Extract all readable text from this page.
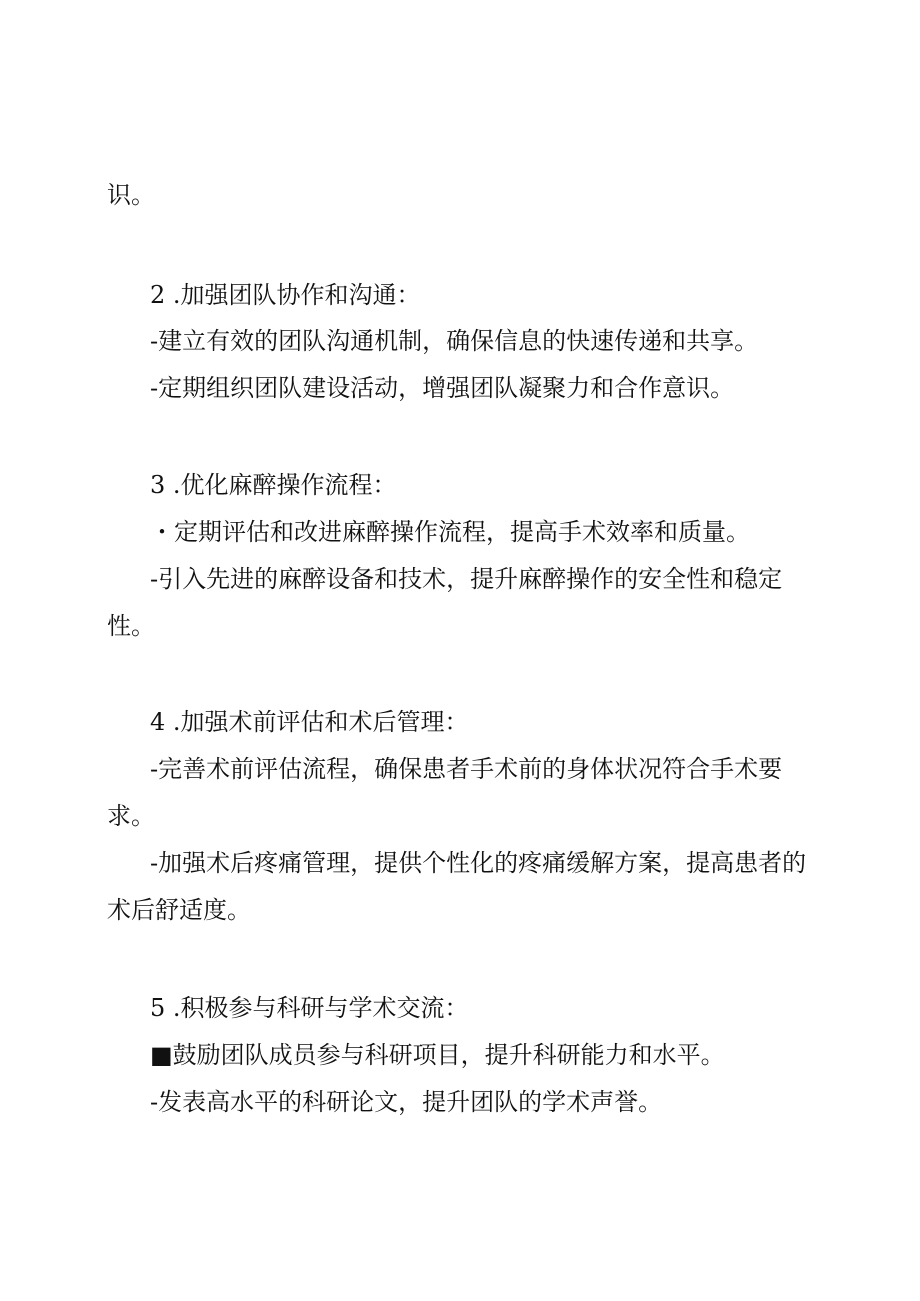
识。

2 .加强团队协作和沟通：

-建立有效的团队沟通机制，确保信息的快速传递和共享。

-定期组织团队建设活动，增强团队凝聚力和合作意识。

3 .优化麻醉操作流程：

・定期评估和改进麻醉操作流程，提高手术效率和质量。

-引入先进的麻醉设备和技术，提升麻醉操作的安全性和稳定

性。

4 .加强术前评估和术后管理：

-完善术前评估流程，确保患者手术前的身体状况符合手术要

求。

-加强术后疼痛管理，提供个性化的疼痛缓解方案，提高患者的

术后舒适度。

5 .积极参与科研与学术交流：

■鼓励团队成员参与科研项目，提升科研能力和水平。

-发表高水平的科研论文，提升团队的学术声誉。
